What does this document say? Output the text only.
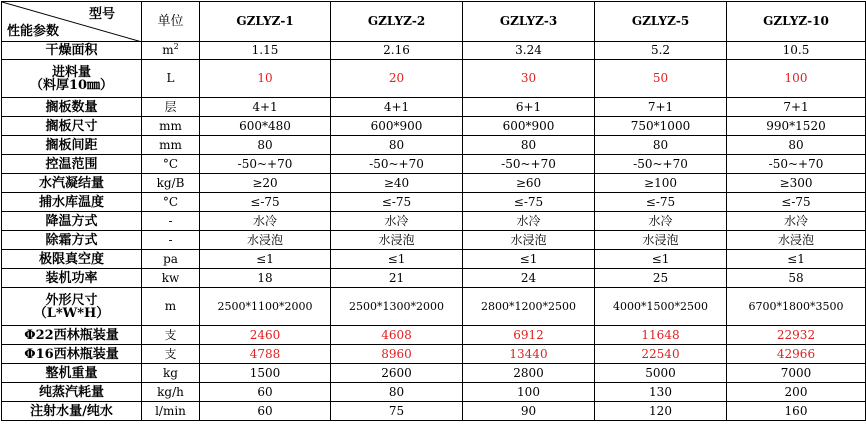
型号
性能参数	单位	GZLYZ-1	GZLYZ-2	GZLYZ-3	GZLYZ-5	GZLYZ-10
干燥面积	$m^2$	1.15	2.16	3.24	5.2	10.5
进料量
（料厚10㎜）	L	10	20	30	50	100
搁板数量	层	4+1	4+1	6+1	7+1	7+1
搁板尺寸	mm	600*480	600*900	600*900	750*1000	990*1520
搁板间距	mm	80	80	80	80	80
控温范围	°C	-50~+70	-50~+70	-50~+70	-50~+70	-50~+70
水汽凝结量	kg/B	≥20	≥40	≥60	≥100	≥300
捕水库温度	°C	≤-75	≤-75	≤-75	≤-75	≤-75
降温方式	-	水冷	水冷	水冷	水冷	水冷
除霜方式	-	水浸泡	水浸泡	水浸泡	水浸泡	水浸泡
极限真空度	pa	≤1	≤1	≤1	≤1	≤1
装机功率	kw	18	21	24	25	58
外形尺寸
（L*W*H）	m	2500*1100*2000	2500*1300*2000	2800*1200*2500	4000*1500*2500	6700*1800*3500
Φ22西林瓶装量	支	2460	4608	6912	11648	22932
Φ16西林瓶装量	支	4788	8960	13440	22540	42966
整机重量	kg	1500	2600	2800	5000	7000
纯蒸汽耗量	kg/h	60	80	100	130	200
注射水量/纯水	l/min	60	75	90	120	160
